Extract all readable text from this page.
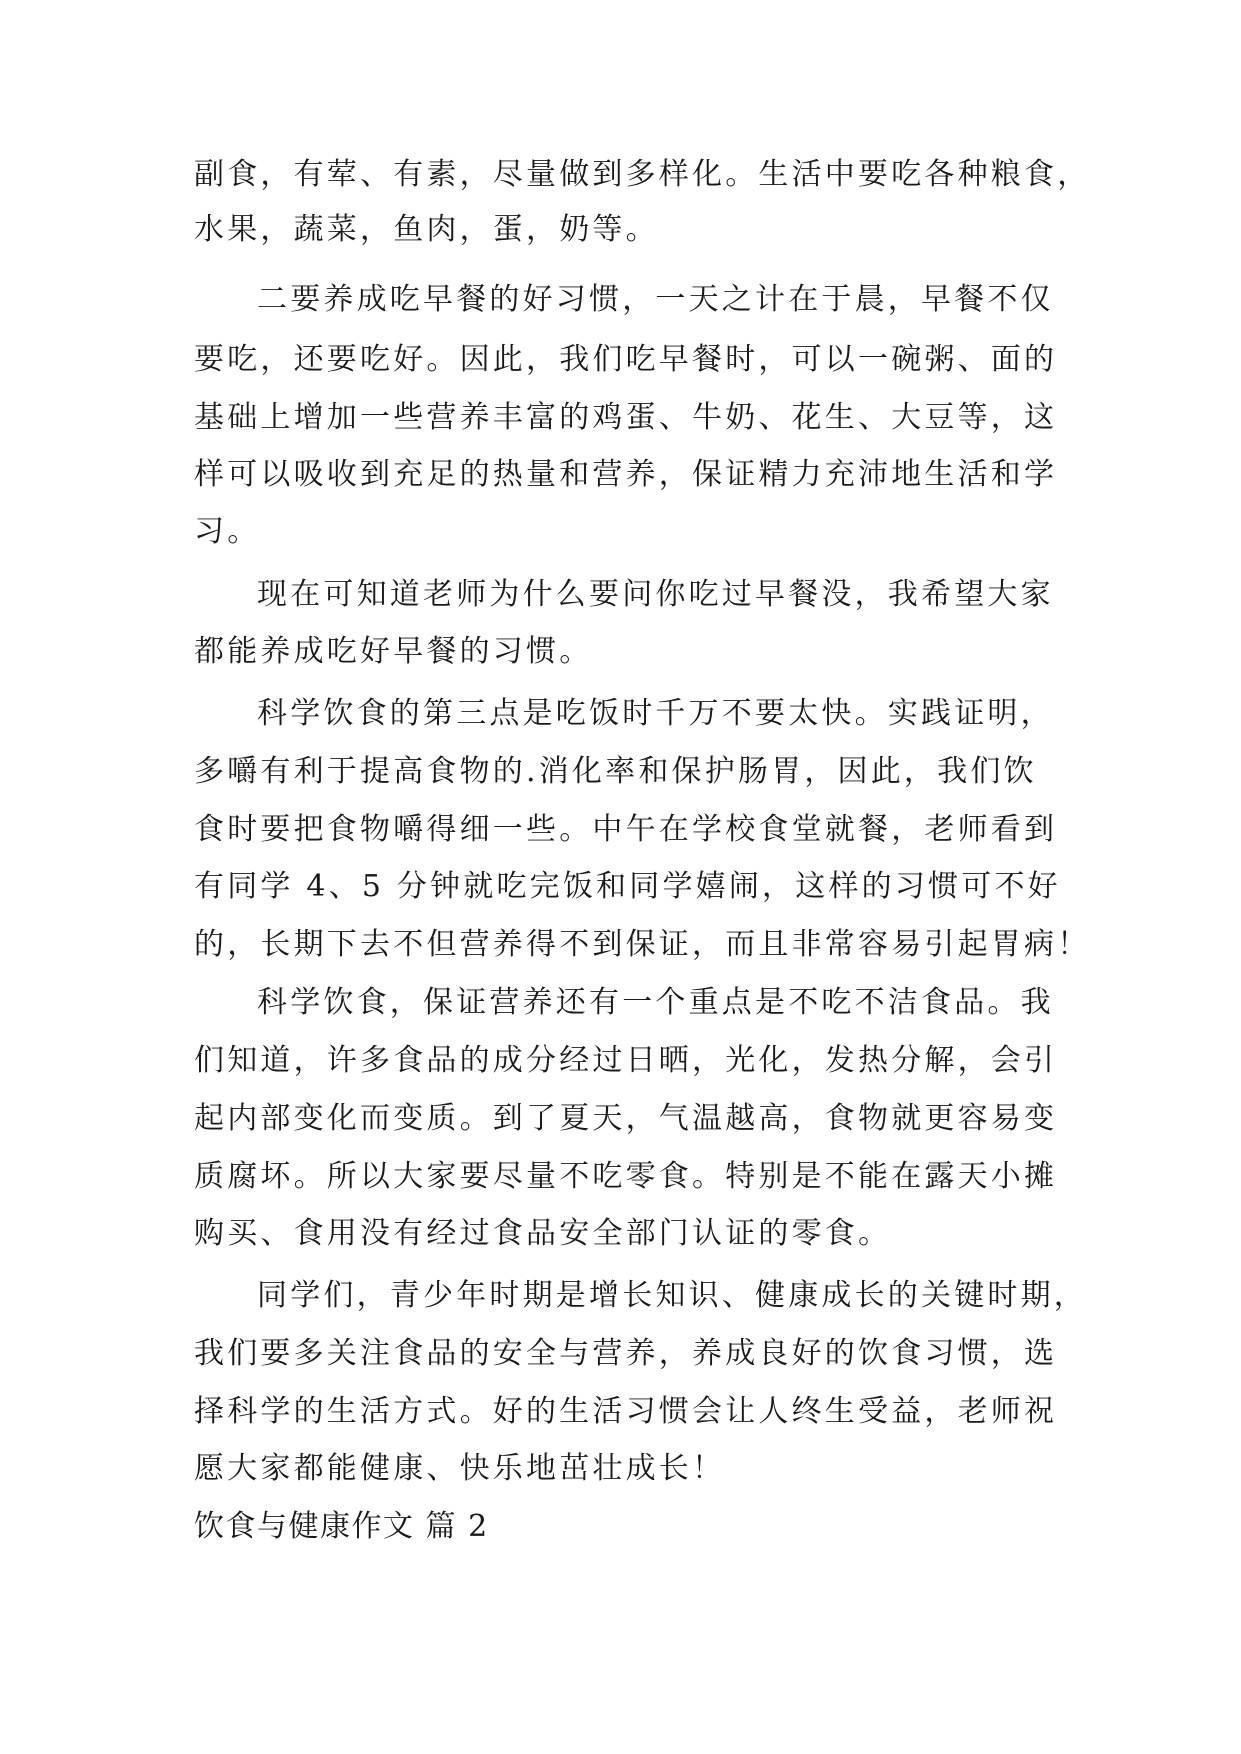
副食，有荤、有素，尽量做到多样化。生活中要吃各种粮食，
水果，蔬菜，鱼肉，蛋，奶等。
二要养成吃早餐的好习惯，一天之计在于晨，早餐不仅
要吃，还要吃好。因此，我们吃早餐时，可以一碗粥、面的
基础上增加一些营养丰富的鸡蛋、牛奶、花生、大豆等，这
样可以吸收到充足的热量和营养，保证精力充沛地生活和学
习。
现在可知道老师为什么要问你吃过早餐没，我希望大家
都能养成吃好早餐的习惯。
科学饮食的第三点是吃饭时千万不要太快。实践证明，
多嚼有利于提高食物的.消化率和保护肠胃，因此，我们饮
食时要把食物嚼得细一些。中午在学校食堂就餐，老师看到
有同学 4、5 分钟就吃完饭和同学嬉闹，这样的习惯可不好
的，长期下去不但营养得不到保证，而且非常容易引起胃病！
科学饮食，保证营养还有一个重点是不吃不洁食品。我
们知道，许多食品的成分经过日晒，光化，发热分解，会引
起内部变化而变质。到了夏天，气温越高，食物就更容易变
质腐坏。所以大家要尽量不吃零食。特别是不能在露天小摊
购买、食用没有经过食品安全部门认证的零食。
同学们，青少年时期是增长知识、健康成长的关键时期，
我们要多关注食品的安全与营养，养成良好的饮食习惯，选
择科学的生活方式。好的生活习惯会让人终生受益，老师祝
愿大家都能健康、快乐地茁壮成长！
饮食与健康作文 篇 2
